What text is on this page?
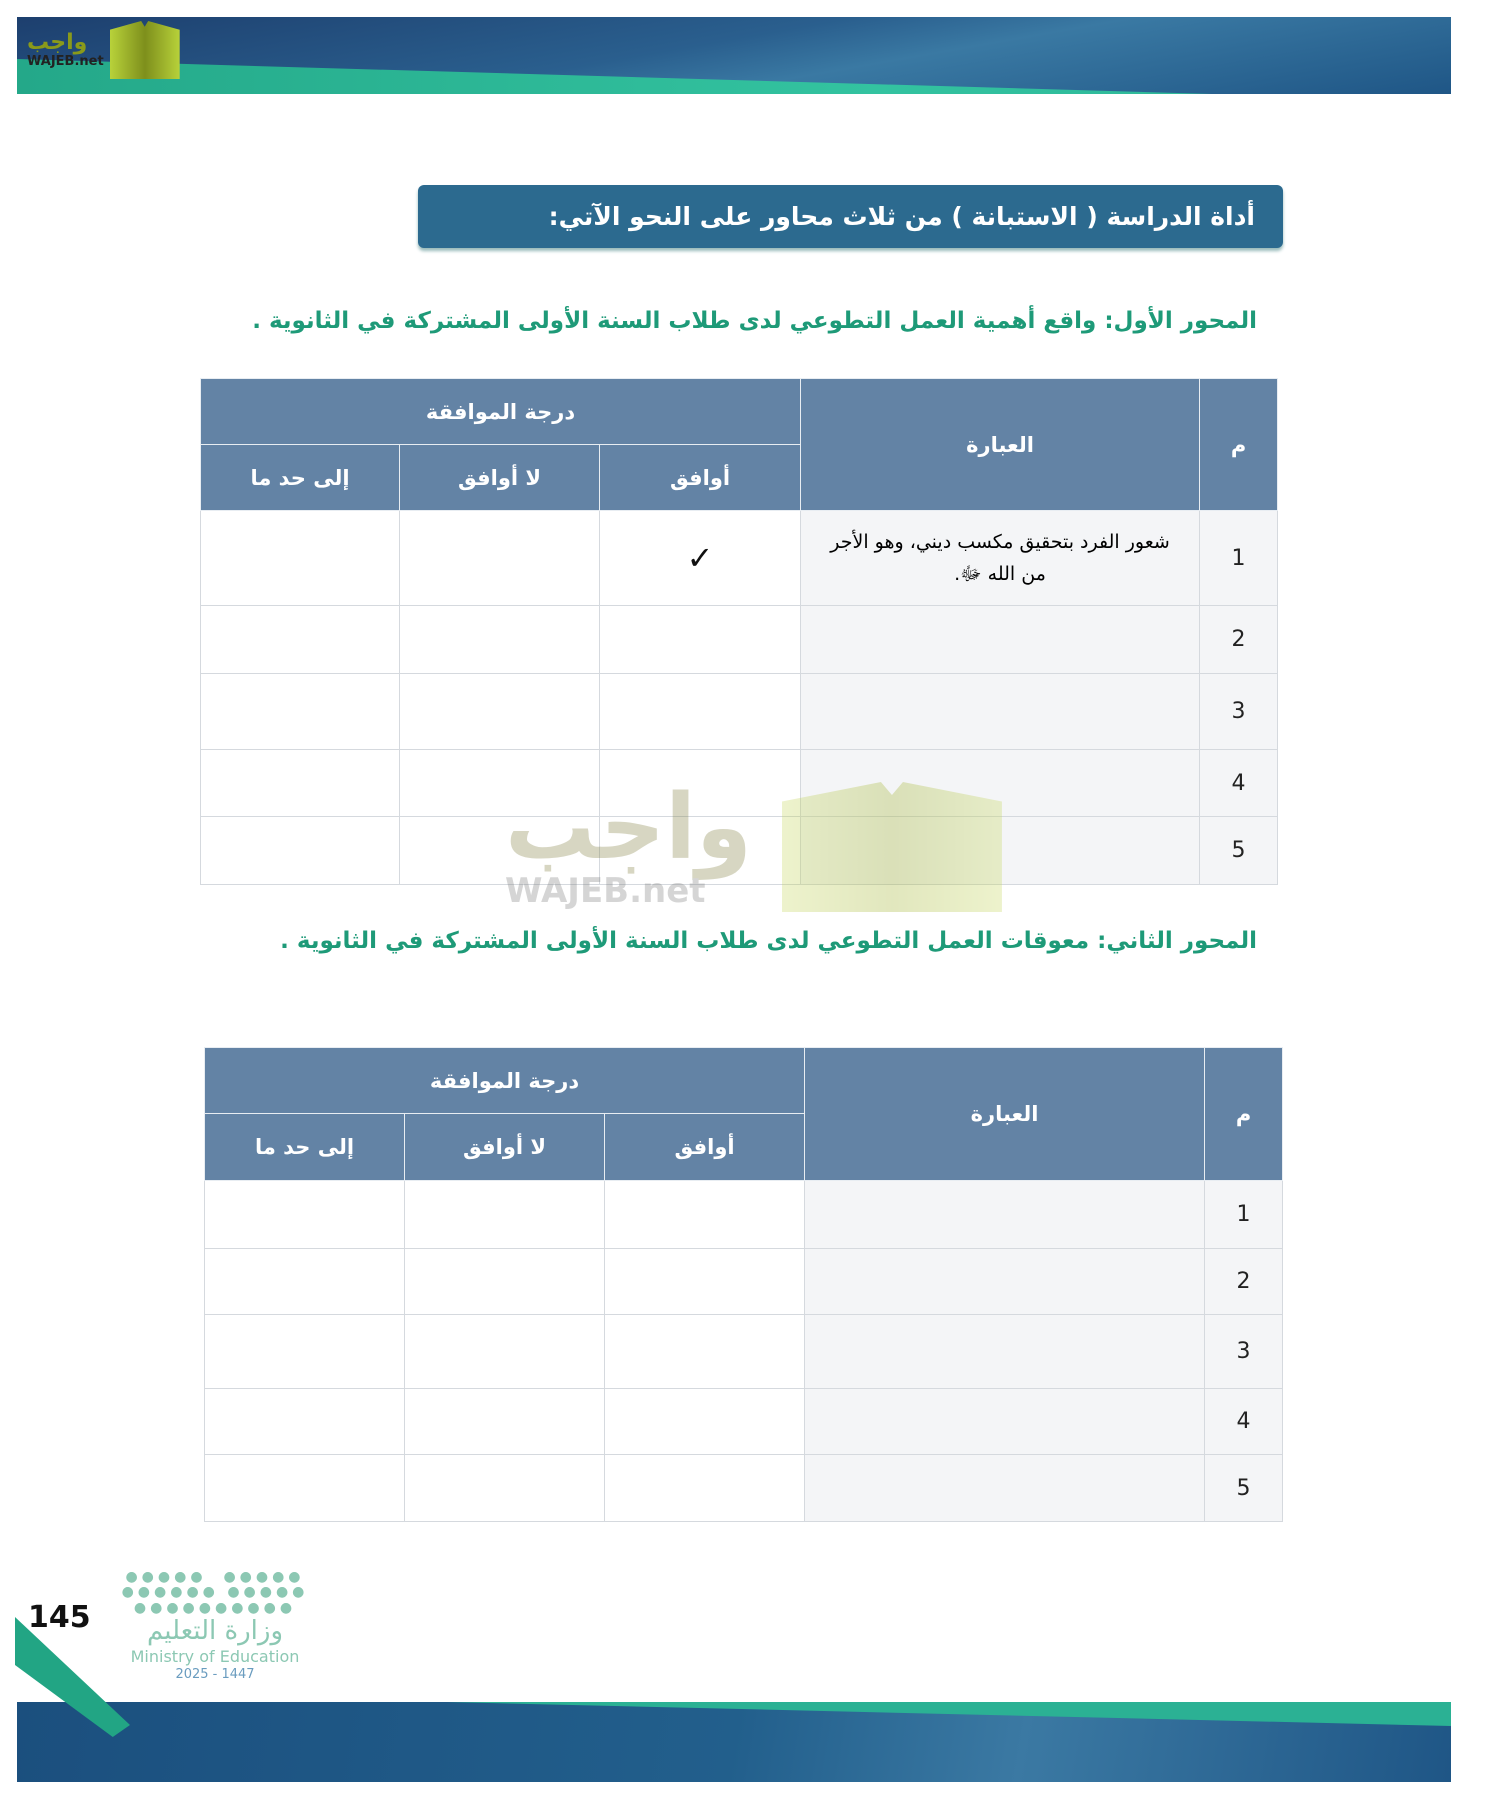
واجب
WAJEB.net
أداة الدراسة ( الاستبانة ) من ثلاث محاور على النحو الآتي:
المحور الأول: واقع أهمية العمل التطوعي لدى طلاب السنة الأولى المشتركة في الثانوية .
م	العبارة	درجة الموافقة		
		أوافق	لا أوافق	إلى حد ما
1	شعور الفرد بتحقيق مكسب ديني، وهو الأجر من الله ﷻ.	✓		
2				
3				
4				
5				
المحور الثاني: معوقات العمل التطوعي لدى طلاب السنة الأولى المشتركة في الثانوية .
م	العبارة	درجة الموافقة		
		أوافق	لا أوافق	إلى حد ما
1				
2				
3				
4				
5				
واجب
WAJEB.net
●●●●●  ●●●●●
●●●●●● ●●●●●
●●●●●●●●●●
وزارة التعليم
Ministry of Education
2025 - 1447
145
